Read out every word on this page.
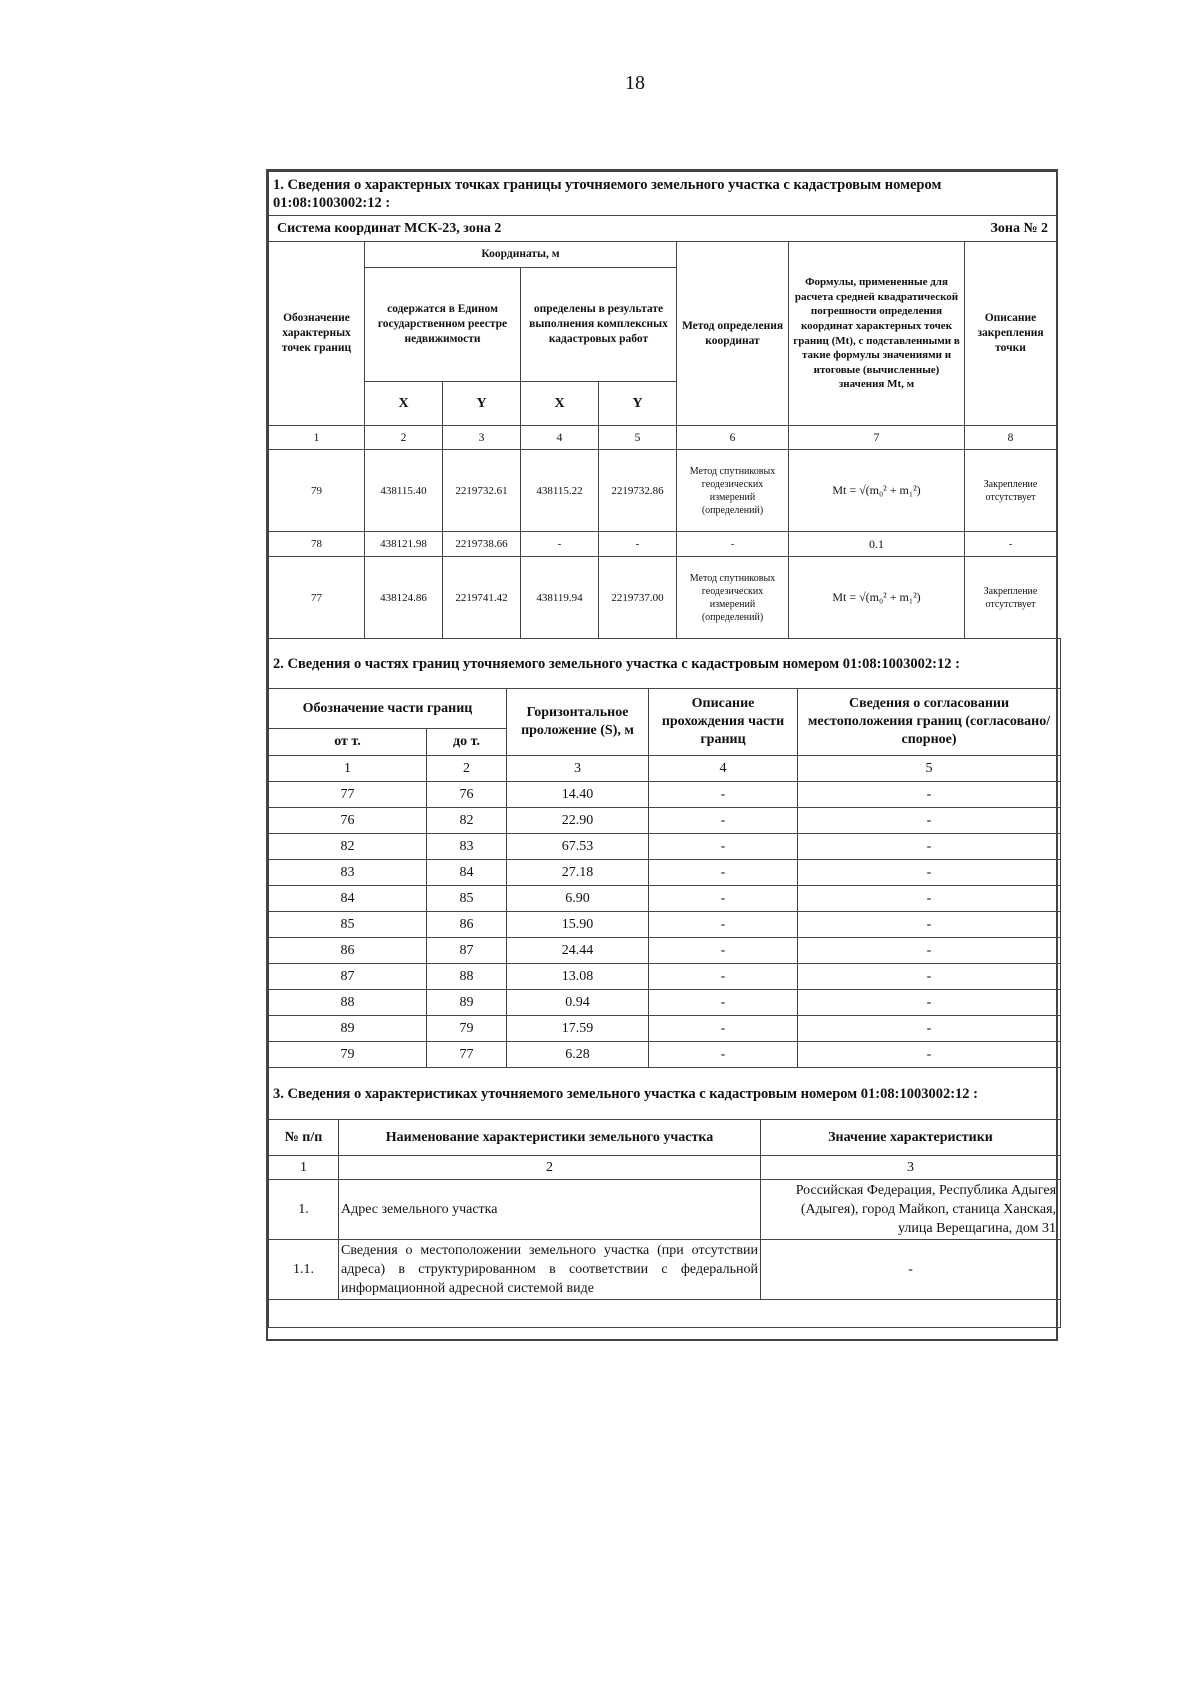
18
1. Сведения о характерных точках границы уточняемого земельного участка с кадастровым номером 01:08:1003002:12 :							
Система координат МСК-23, зона 2						Зона № 2	
Обозначение характерных точек границ	Координаты, м				Метод определения координат	Формулы, примененные для расчета средней квадратической погрешности определения координат характерных точек границ (Mt), с подставленными в такие формулы значениями и итоговые (вычисленные) значения Mt, м	Описание закрепления точки
	содержатся в Едином государственном реестре недвижимости		определены в результате выполнения комплексных кадастровых работ				
	X	Y	X	Y			
1	2	3	4	5	6	7	8
79	438115.40	2219732.61	438115.22	2219732.86	Метод спутниковых геодезических измерений (определений)	Mt = √(m₀² + m₁²)	Закрепление отсутствует
78	438121.98	2219738.66	-	-	-	0.1	-
77	438124.86	2219741.42	438119.94	2219737.00	Метод спутниковых геодезических измерений (определений)	Mt = √(m₀² + m₁²)	Закрепление отсутствует
2. Сведения о частях границ уточняемого земельного участка с кадастровым номером 01:08:1003002:12 :				
Обозначение части границ		Горизонтальное проложение (S), м	Описание прохождения части границ	Сведения о согласовании местоположения границ (согласовано/спорное)
от т.	до т.			
1	2	3	4	5
77	76	14.40	-	-
76	82	22.90	-	-
82	83	67.53	-	-
83	84	27.18	-	-
84	85	6.90	-	-
85	86	15.90	-	-
86	87	24.44	-	-
87	88	13.08	-	-
88	89	0.94	-	-
89	79	17.59	-	-
79	77	6.28	-	-
3. Сведения о характеристиках уточняемого земельного участка с кадастровым номером 01:08:1003002:12 :		
№ п/п	Наименование характеристики земельного участка	Значение характеристики
1	2	3
1.	Адрес земельного участка	Российская Федерация, Республика Адыгея (Адыгея), город Майкоп, станица Ханская, улица Верещагина, дом 31
1.1.	Сведения о местоположении земельного участка (при отсутствии адреса) в структурированном в соответствии с федеральной информационной адресной системой виде	-
